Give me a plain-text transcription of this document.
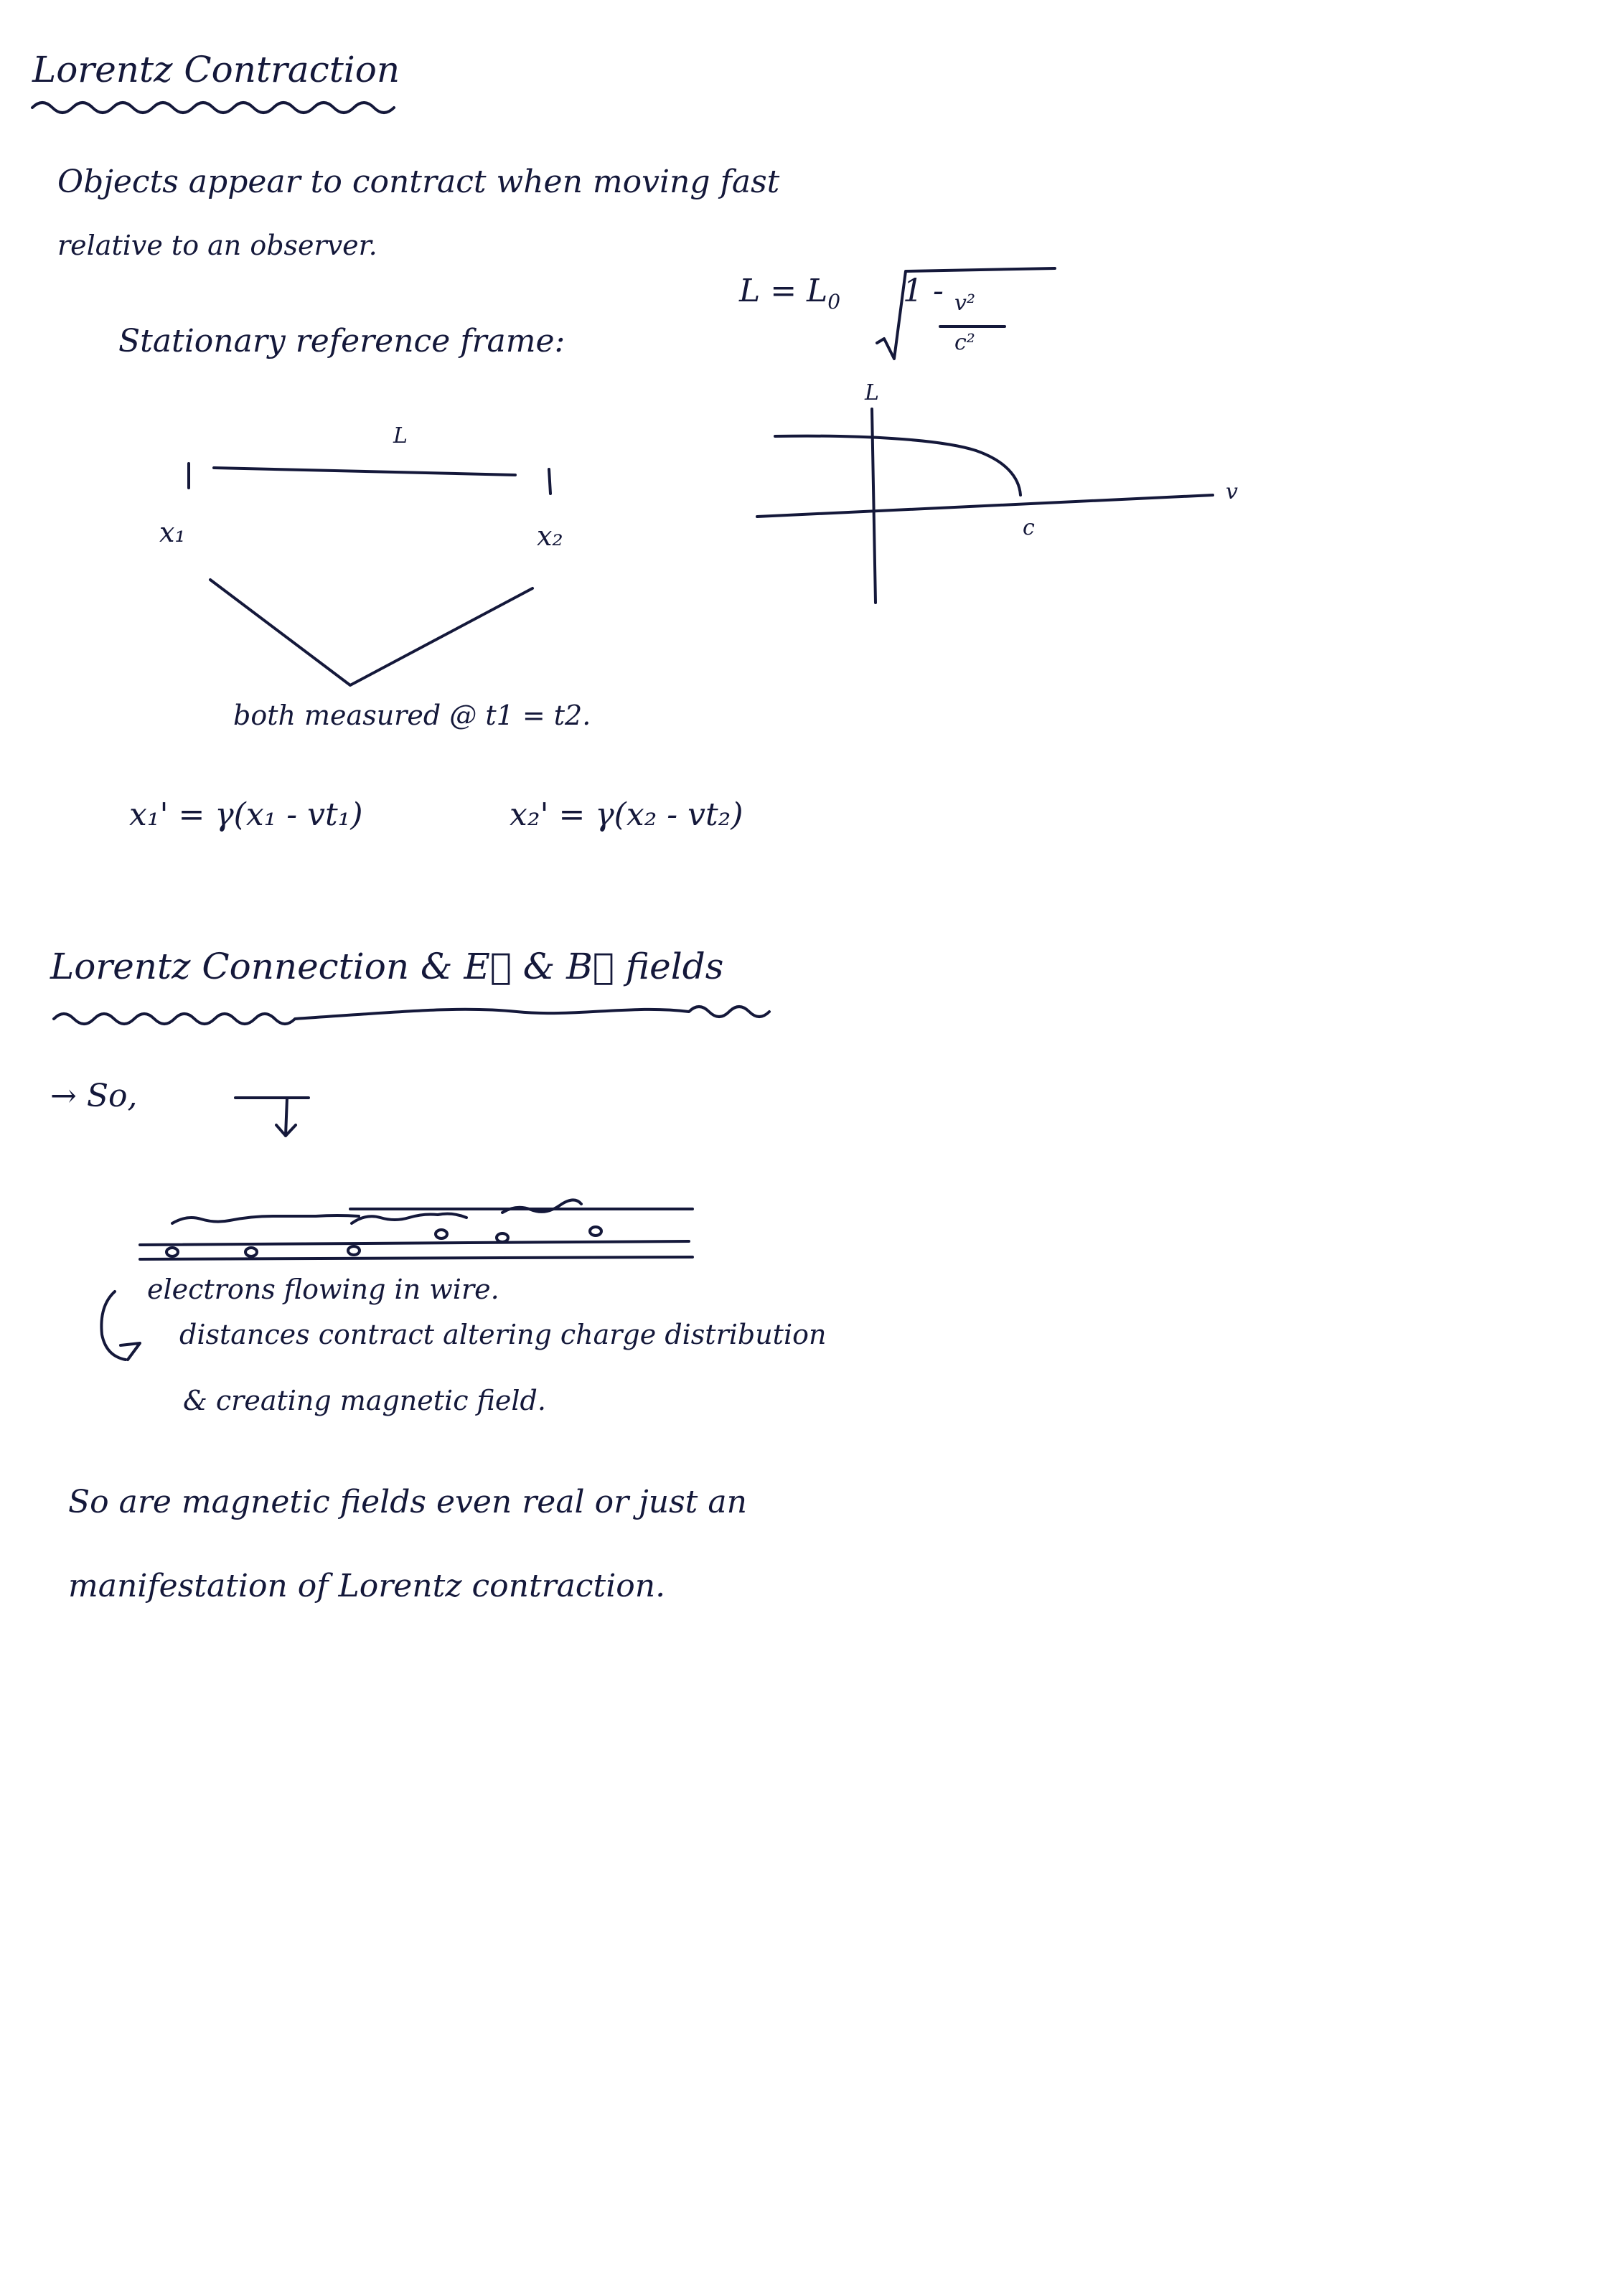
Lorentz Contraction
Objects appear to contract when moving fast
relative to an observer.
$L = L_0$ 1 - v²
c²
L
v
c
Stationary reference frame:
L
x₁	x₂
both measured @ t1 = t2.
x₁' = γ(x₁ - vt₁)	x₂' = γ(x₂ - vt₂)
Lorentz Connection & E⃗ & B⃗ fields
→ So,
electrons flowing in wire.
distances contract altering charge distribution
& creating magnetic field.
So are magnetic fields even real or just an
manifestation of Lorentz contraction.
